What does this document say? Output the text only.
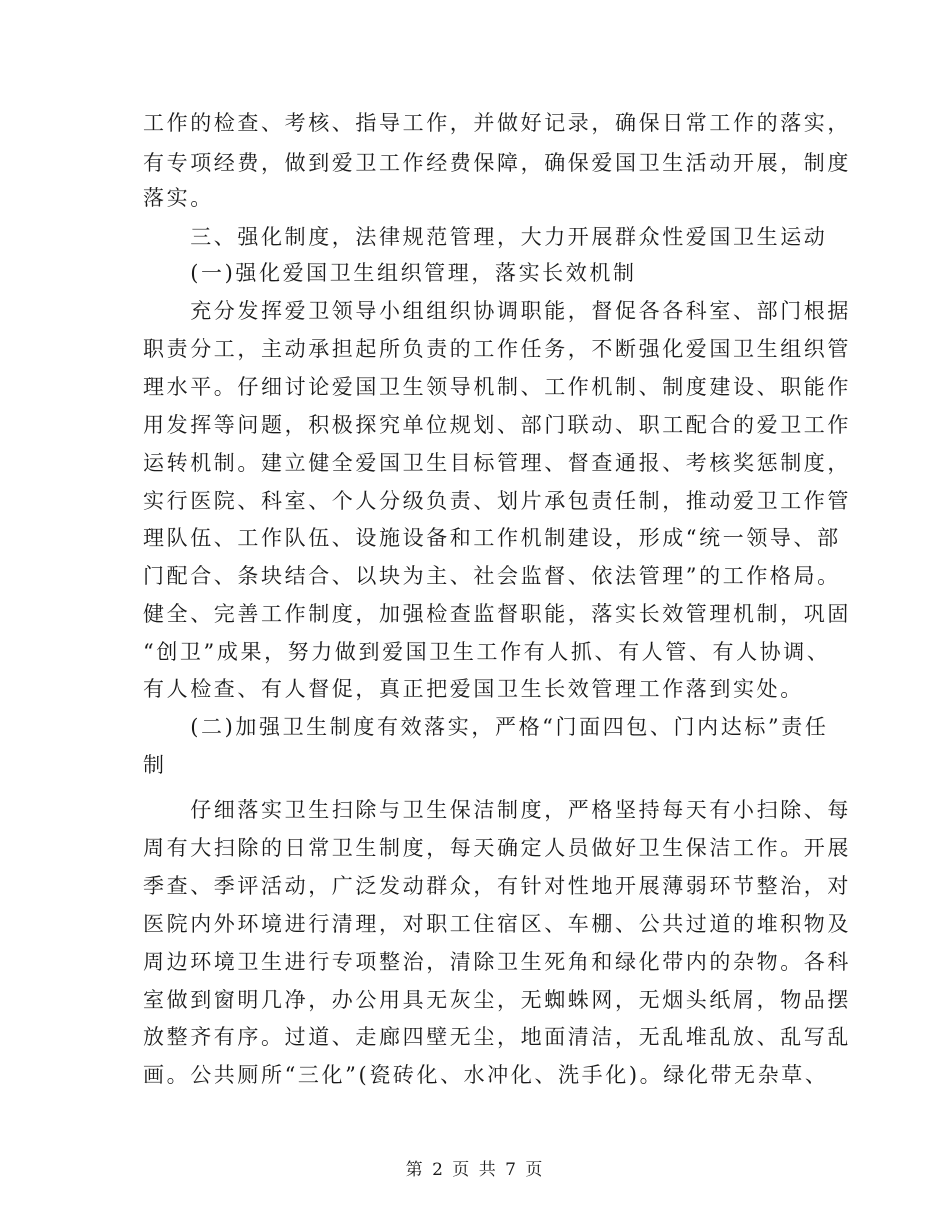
工作的检查、考核、指导工作，并做好记录，确保日常工作的落实，
有专项经费，做到爱卫工作经费保障，确保爱国卫生活动开展，制度
落实。
　　三、强化制度，法律规范管理，大力开展群众性爱国卫生运动
　　(一)强化爱国卫生组织管理，落实长效机制
　　充分发挥爱卫领导小组组织协调职能，督促各各科室、部门根据
职责分工，主动承担起所负责的工作任务，不断强化爱国卫生组织管
理水平。仔细讨论爱国卫生领导机制、工作机制、制度建设、职能作
用发挥等问题，积极探究单位规划、部门联动、职工配合的爱卫工作
运转机制。建立健全爱国卫生目标管理、督查通报、考核奖惩制度，
实行医院、科室、个人分级负责、划片承包责任制，推动爱卫工作管
理队伍、工作队伍、设施设备和工作机制建设，形成“统一领导、部
门配合、条块结合、以块为主、社会监督、依法管理”的工作格局。
健全、完善工作制度，加强检查监督职能，落实长效管理机制，巩固
“创卫”成果，努力做到爱国卫生工作有人抓、有人管、有人协调、
有人检查、有人督促，真正把爱国卫生长效管理工作落到实处。
　　(二)加强卫生制度有效落实，严格“门面四包、门内达标”责任
制
　　仔细落实卫生扫除与卫生保洁制度，严格坚持每天有小扫除、每
周有大扫除的日常卫生制度，每天确定人员做好卫生保洁工作。开展
季查、季评活动，广泛发动群众，有针对性地开展薄弱环节整治，对
医院内外环境进行清理，对职工住宿区、车棚、公共过道的堆积物及
周边环境卫生进行专项整治，清除卫生死角和绿化带内的杂物。各科
室做到窗明几净，办公用具无灰尘，无蜘蛛网，无烟头纸屑，物品摆
放整齐有序。过道、走廊四壁无尘，地面清洁，无乱堆乱放、乱写乱
画。公共厕所“三化”(瓷砖化、水冲化、洗手化)。绿化带无杂草、
第 2 页 共 7 页
